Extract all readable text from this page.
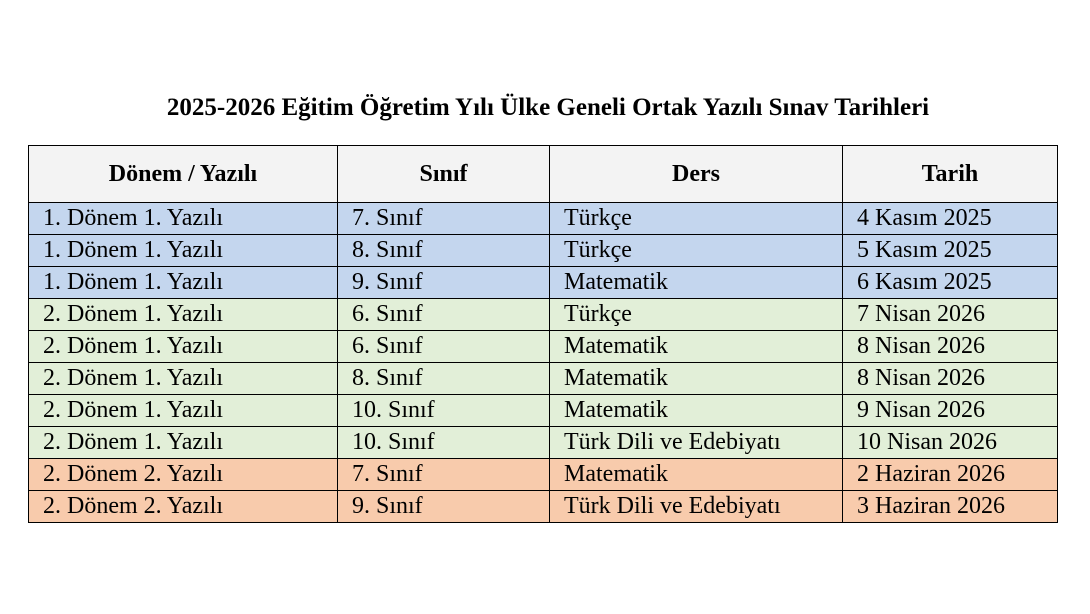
2025-2026 Eğitim Öğretim Yılı Ülke Geneli Ortak Yazılı Sınav Tarihleri
Dönem / Yazılı	Sınıf	Ders	Tarih
1. Dönem 1. Yazılı	7. Sınıf	Türkçe	4 Kasım 2025
1. Dönem 1. Yazılı	8. Sınıf	Türkçe	5 Kasım 2025
1. Dönem 1. Yazılı	9. Sınıf	Matematik	6 Kasım 2025
2. Dönem 1. Yazılı	6. Sınıf	Türkçe	7 Nisan 2026
2. Dönem 1. Yazılı	6. Sınıf	Matematik	8 Nisan 2026
2. Dönem 1. Yazılı	8. Sınıf	Matematik	8 Nisan 2026
2. Dönem 1. Yazılı	10. Sınıf	Matematik	9 Nisan 2026
2. Dönem 1. Yazılı	10. Sınıf	Türk Dili ve Edebiyatı	10 Nisan 2026
2. Dönem 2. Yazılı	7. Sınıf	Matematik	2 Haziran 2026
2. Dönem 2. Yazılı	9. Sınıf	Türk Dili ve Edebiyatı	3 Haziran 2026
